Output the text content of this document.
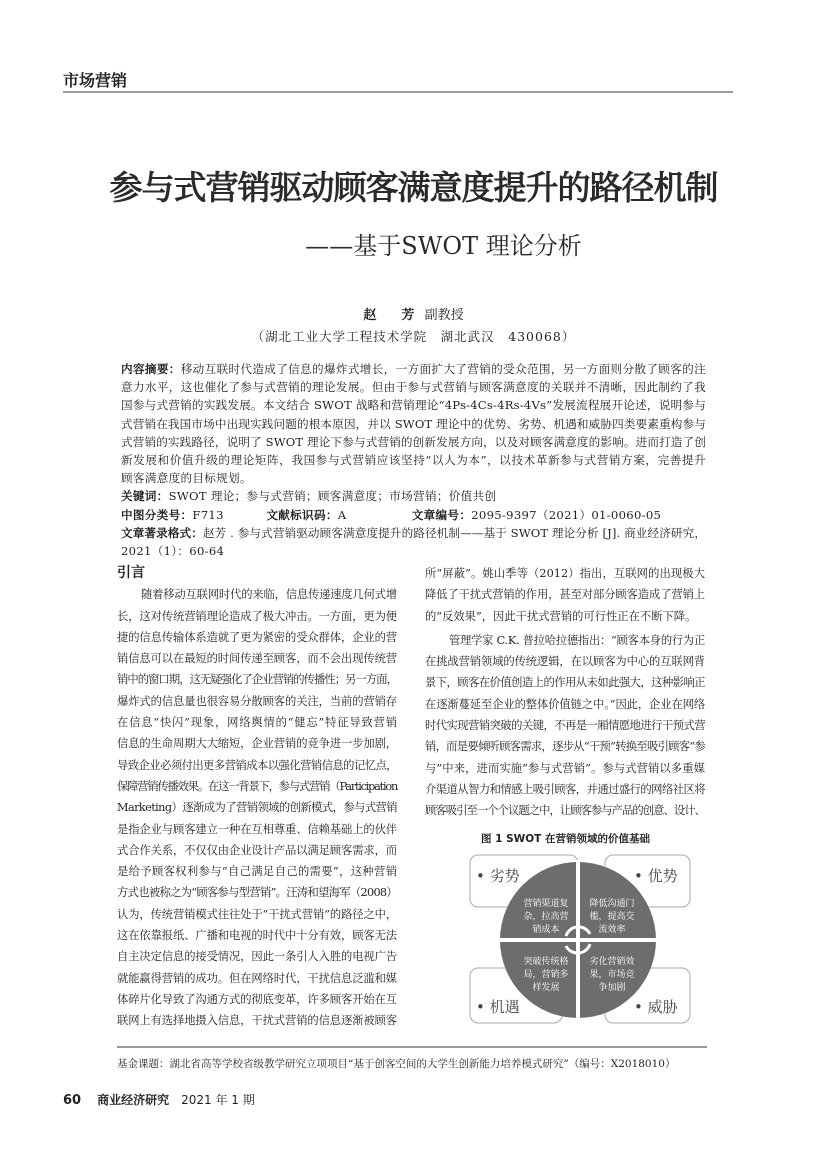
市场营销
参与式营销驱动顾客满意度提升的路径机制
——基于SWOT 理论分析
赵　芳 副教授
（湖北工业大学工程技术学院　湖北武汉　430068）
内容摘要：移动互联时代造成了信息的爆炸式增长，一方面扩大了营销的受众范围，另一方面则分散了顾客的注
意力水平，这也催化了参与式营销的理论发展。但由于参与式营销与顾客满意度的关联并不清晰，因此制约了我
国参与式营销的实践发展。本文结合 SWOT 战略和营销理论“4Ps-4Cs-4Rs-4Vs”发展流程展开论述，说明参与
式营销在我国市场中出现实践问题的根本原因，并以 SWOT 理论中的优势、劣势、机遇和威胁四类要素重构参与
式营销的实践路径，说明了 SWOT 理论下参与式营销的创新发展方向，以及对顾客满意度的影响。进而打造了创
新发展和价值升级的理论矩阵，我国参与式营销应该坚持“以人为本”，以技术革新参与式营销方案，完善提升
顾客满意度的目标规划。
关键词：SWOT 理论；参与式营销；顾客满意度；市场营销；价值共创
中图分类号：F713	文献标识码：A	文章编号：2095-9397（2021）01-0060-05
文章著录格式：赵芳 . 参与式营销驱动顾客满意度提升的路径机制——基于 SWOT 理论分析 [J]. 商业经济研究，
2021（1）：60-64
引言
随着移动互联网时代的来临，信息传递速度几何式增
长，这对传统营销理论造成了极大冲击。一方面，更为便
捷的信息传输体系造就了更为紧密的受众群体，企业的营
销信息可以在最短的时间传递至顾客，而不会出现传统营
销中的窗口期，这无疑强化了企业营销的传播性；另一方面，
爆炸式的信息量也很容易分散顾客的关注，当前的营销存
在信息“快闪”现象，网络舆情的“健忘”特征导致营销
信息的生命周期大大缩短，企业营销的竞争进一步加剧，
导致企业必须付出更多营销成本以强化营销信息的记忆点，
保障营销传播效果。在这一背景下，参与式营销（Participation
Marketing）逐渐成为了营销领域的创新模式，参与式营销
是指企业与顾客建立一种在互相尊重、信赖基础上的伙伴
式合作关系，不仅仅由企业设计产品以满足顾客需求，而
是给予顾客权利参与“自己满足自己的需要”，这种营销
方式也被称之为“顾客参与型营销”。汪涛和望海军（2008）
认为，传统营销模式往往处于“干扰式营销”的路径之中，
这在依靠报纸、广播和电视的时代中十分有效，顾客无法
自主决定信息的接受情况，因此一条引人入胜的电视广告
就能赢得营销的成功。但在网络时代，干扰信息泛滥和媒
体碎片化导致了沟通方式的彻底变革，许多顾客开始在互
联网上有选择地摄入信息，干扰式营销的信息逐渐被顾客
所“屏蔽”。姚山季等（2012）指出，互联网的出现极大
降低了干扰式营销的作用，甚至对部分顾客造成了营销上
的“反效果”，因此干扰式营销的可行性正在不断下降。
管理学家 C.K. 普拉哈拉德指出：“顾客本身的行为正
在挑战营销领域的传统逻辑，在以顾客为中心的互联网背
景下，顾客在价值创造上的作用从未如此强大，这种影响正
在逐渐蔓延至企业的整体价值链之中。”因此，企业在网络
时代实现营销突破的关键，不再是一厢情愿地进行干预式营
销，而是要倾听顾客需求，逐步从“干预”转换至吸引顾客“参
与”中来，进而实施“参与式营销”。参与式营销以多重媒
介渠道从智力和情感上吸引顾客，并通过盛行的网络社区将
顾客吸引至一个个议题之中，让顾客参与产品的创意、设计、
图 1 SWOT 在营销领域的价值基础
• 劣势	• 优势
• 机遇	• 威胁
营销渠道复
杂，拉高营
销成本
降低沟通门
槛，提高交
流效率
突破传统格
局，营销多
样发展
劣化营销效
果，市场竞
争加剧
基金课题：湖北省高等学校省级教学研究立项项目“基于创客空间的大学生创新能力培养模式研究”（编号：X2018010）
60 商业经济研究 2021 年 1 期
